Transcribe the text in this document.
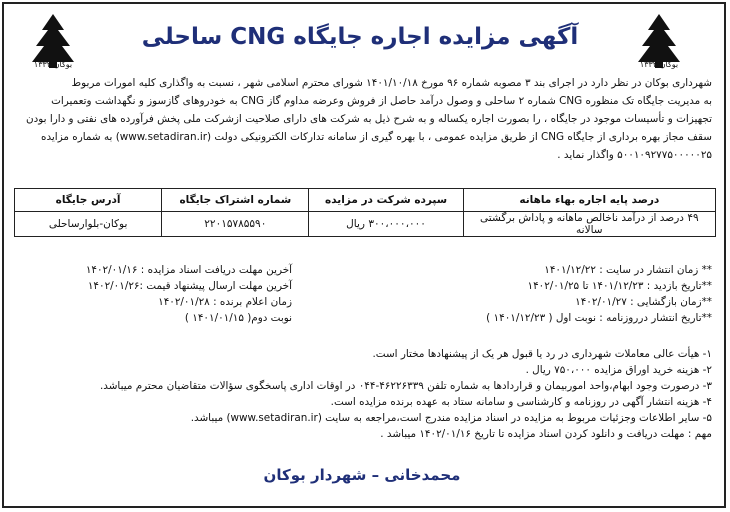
۱۳۳۲ بوکان	۱۳۳۲ بوکان
آگهی مزایده اجاره جایگاه CNG ساحلی
شهرداری بوکان در نظر دارد در اجرای بند ۳ مصوبه شماره ۹۶ مورخ ۱۴۰۱/۱۰/۱۸ شورای محترم اسلامی شهر ، نسبت به واگذاری کلیه امورات مربوط
به مدیریت جایگاه تک منظوره CNG شماره ۲ ساحلی و وصول درآمد حاصل از فروش وعرضه مداوم گاز CNG به خودروهای گازسوز و نگهداشت وتعمیرات
تجهیزات و تأسیسات موجود در جایگاه ، را بصورت اجاره یکساله و به شرح ذیل به شرکت های دارای صلاحیت ازشرکت ملی پخش فرآورده های نفتی و دارا بودن
سقف مجاز بهره برداری از جایگاه CNG از طریق مزایده عمومی ، با بهره گیری از سامانه تدارکات الکترونیکی دولت (www.setadiran.ir) به شماره مزایده
۵۰۰۱۰۹۲۷۷۵۰۰۰۰۰۲۵ واگذار نماید .
درصد پایه اجاره بهاء ماهانه	سپرده شرکت در مزایده	شماره اشتراک جایگاه	آدرس جایگاه
۴۹ درصد از درآمد ناخالص ماهانه و پاداش برگشتی سالانه	۳۰۰،۰۰۰،۰۰۰ ریال	۲۲۰۱۵۷۸۵۵۹۰	بوکان-بلوارساحلی
** زمان انتشار در سایت : ۱۴۰۱/۱۲/۲۲
آخرین مهلت دریافت اسناد مزایده : ۱۴۰۲/۰۱/۱۶
**تاریخ بازدید : ۱۴۰۱/۱۲/۲۳ تا ۱۴۰۲/۰۱/۲۵
آخرین مهلت ارسال پیشنهاد قیمت :۱۴۰۲/۰۱/۲۶
**زمان بازگشایی : ۱۴۰۲/۰۱/۲۷
زمان اعلام برنده : ۱۴۰۲/۰۱/۲۸
**تاریخ انتشار درروزنامه : نوبت اول ( ۱۴۰۱/۱۲/۲۳ )
نوبت دوم( ۱۴۰۱/۰۱/۱۵ )
۱- هیأت عالی معاملات شهرداری در رد یا قبول هر یک از پیشنهادها مختار است.
۲- هزینه خرید اوراق مزایده ۷۵۰،۰۰۰ ریال .
۳- درصورت وجود ابهام،واحد اموربیمان و قراردادها به شماره تلفن ۴۶۲۲۶۳۳۹-۰۴۴ در اوقات اداری پاسخگوی سؤالات متقاضیان محترم میباشد.
۴- هزینه انتشار آگهی در روزنامه و کارشناسی و سامانه ستاد به عهده برنده مزایده است.
۵- سایر اطلاعات وجزئیات مربوط به مزایده در اسناد مزایده مندرج است،مراجعه به سایت (www.setadiran.ir) میباشد.
مهم : مهلت دریافت و دانلود کردن اسناد مزایده تا تاریخ ۱۴۰۲/۰۱/۱۶ میباشد .
محمدخانی – شهردار بوکان
